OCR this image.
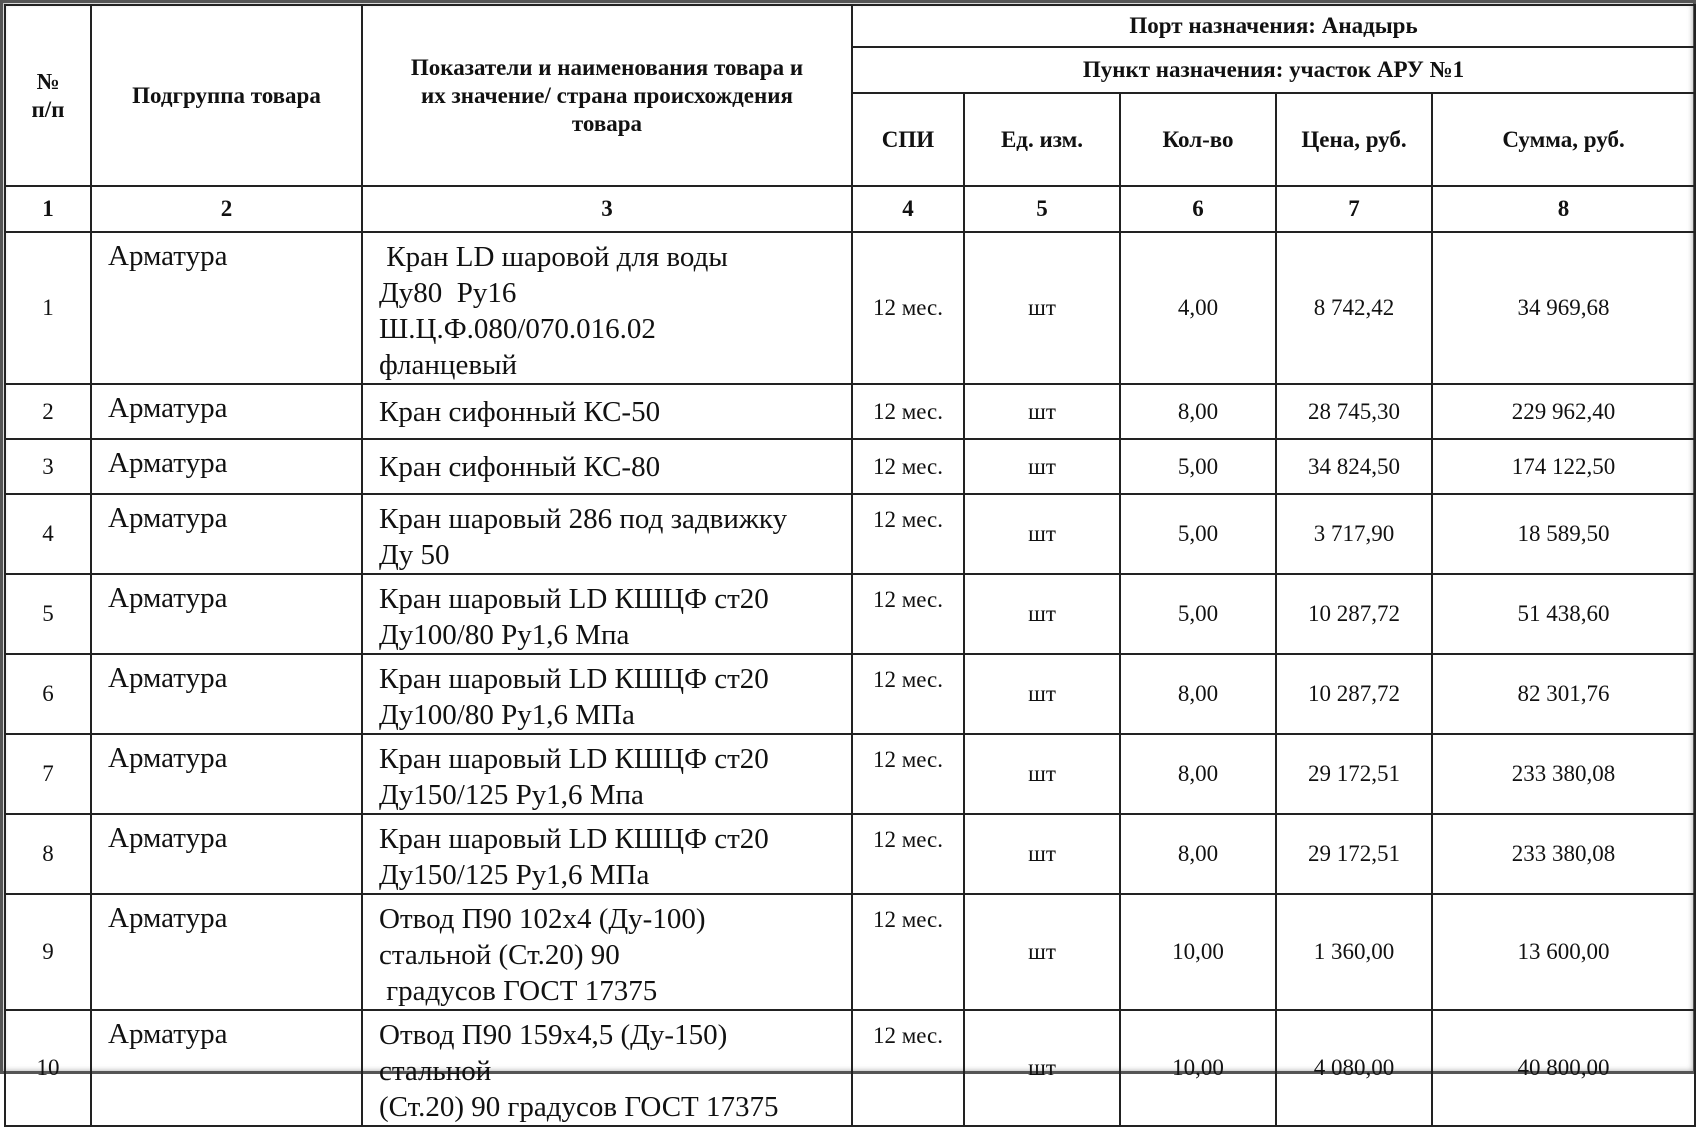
№
п/п	Подгруппа товара	Показатели и наименования товара и
их значение/ страна происхождения
товара	Порт назначения: Анадырь				
			Пункт назначения: участок АРУ №1				
			СПИ	Ед. изм.	Кол-во	Цена, руб.	Сумма, руб.
1	2	3	4	5	6	7	8
1	Арматура	Кран LD шаровой для воды
Ду80  Ру16
Ш.Ц.Ф.080/070.016.02
фланцевый	12 мес.	шт	4,00	8 742,42	34 969,68
2	Арматура	Кран сифонный КС-50	12 мес.	шт	8,00	28 745,30	229 962,40
3	Арматура	Кран сифонный КС-80	12 мес.	шт	5,00	34 824,50	174 122,50
4	Арматура	Кран шаровый 286 под задвижку
Ду 50	12 мес.	шт	5,00	3 717,90	18 589,50
5	Арматура	Кран шаровый LD КШЦФ ст20
Ду100/80 Ру1,6 Мпа	12 мес.	шт	5,00	10 287,72	51 438,60
6	Арматура	Кран шаровый LD КШЦФ ст20
Ду100/80 Ру1,6 МПа	12 мес.	шт	8,00	10 287,72	82 301,76
7	Арматура	Кран шаровый LD КШЦФ ст20
Ду150/125 Ру1,6 Мпа	12 мес.	шт	8,00	29 172,51	233 380,08
8	Арматура	Кран шаровый LD КШЦФ ст20
Ду150/125 Ру1,6 МПа	12 мес.	шт	8,00	29 172,51	233 380,08
9	Арматура	Отвод П90 102х4 (Ду-100)
стальной (Ст.20) 90
градусов ГОСТ 17375	12 мес.	шт	10,00	1 360,00	13 600,00
10	Арматура	Отвод П90 159х4,5 (Ду-150)
стальной
(Ст.20) 90 градусов ГОСТ 17375	12 мес.	шт	10,00	4 080,00	40 800,00
